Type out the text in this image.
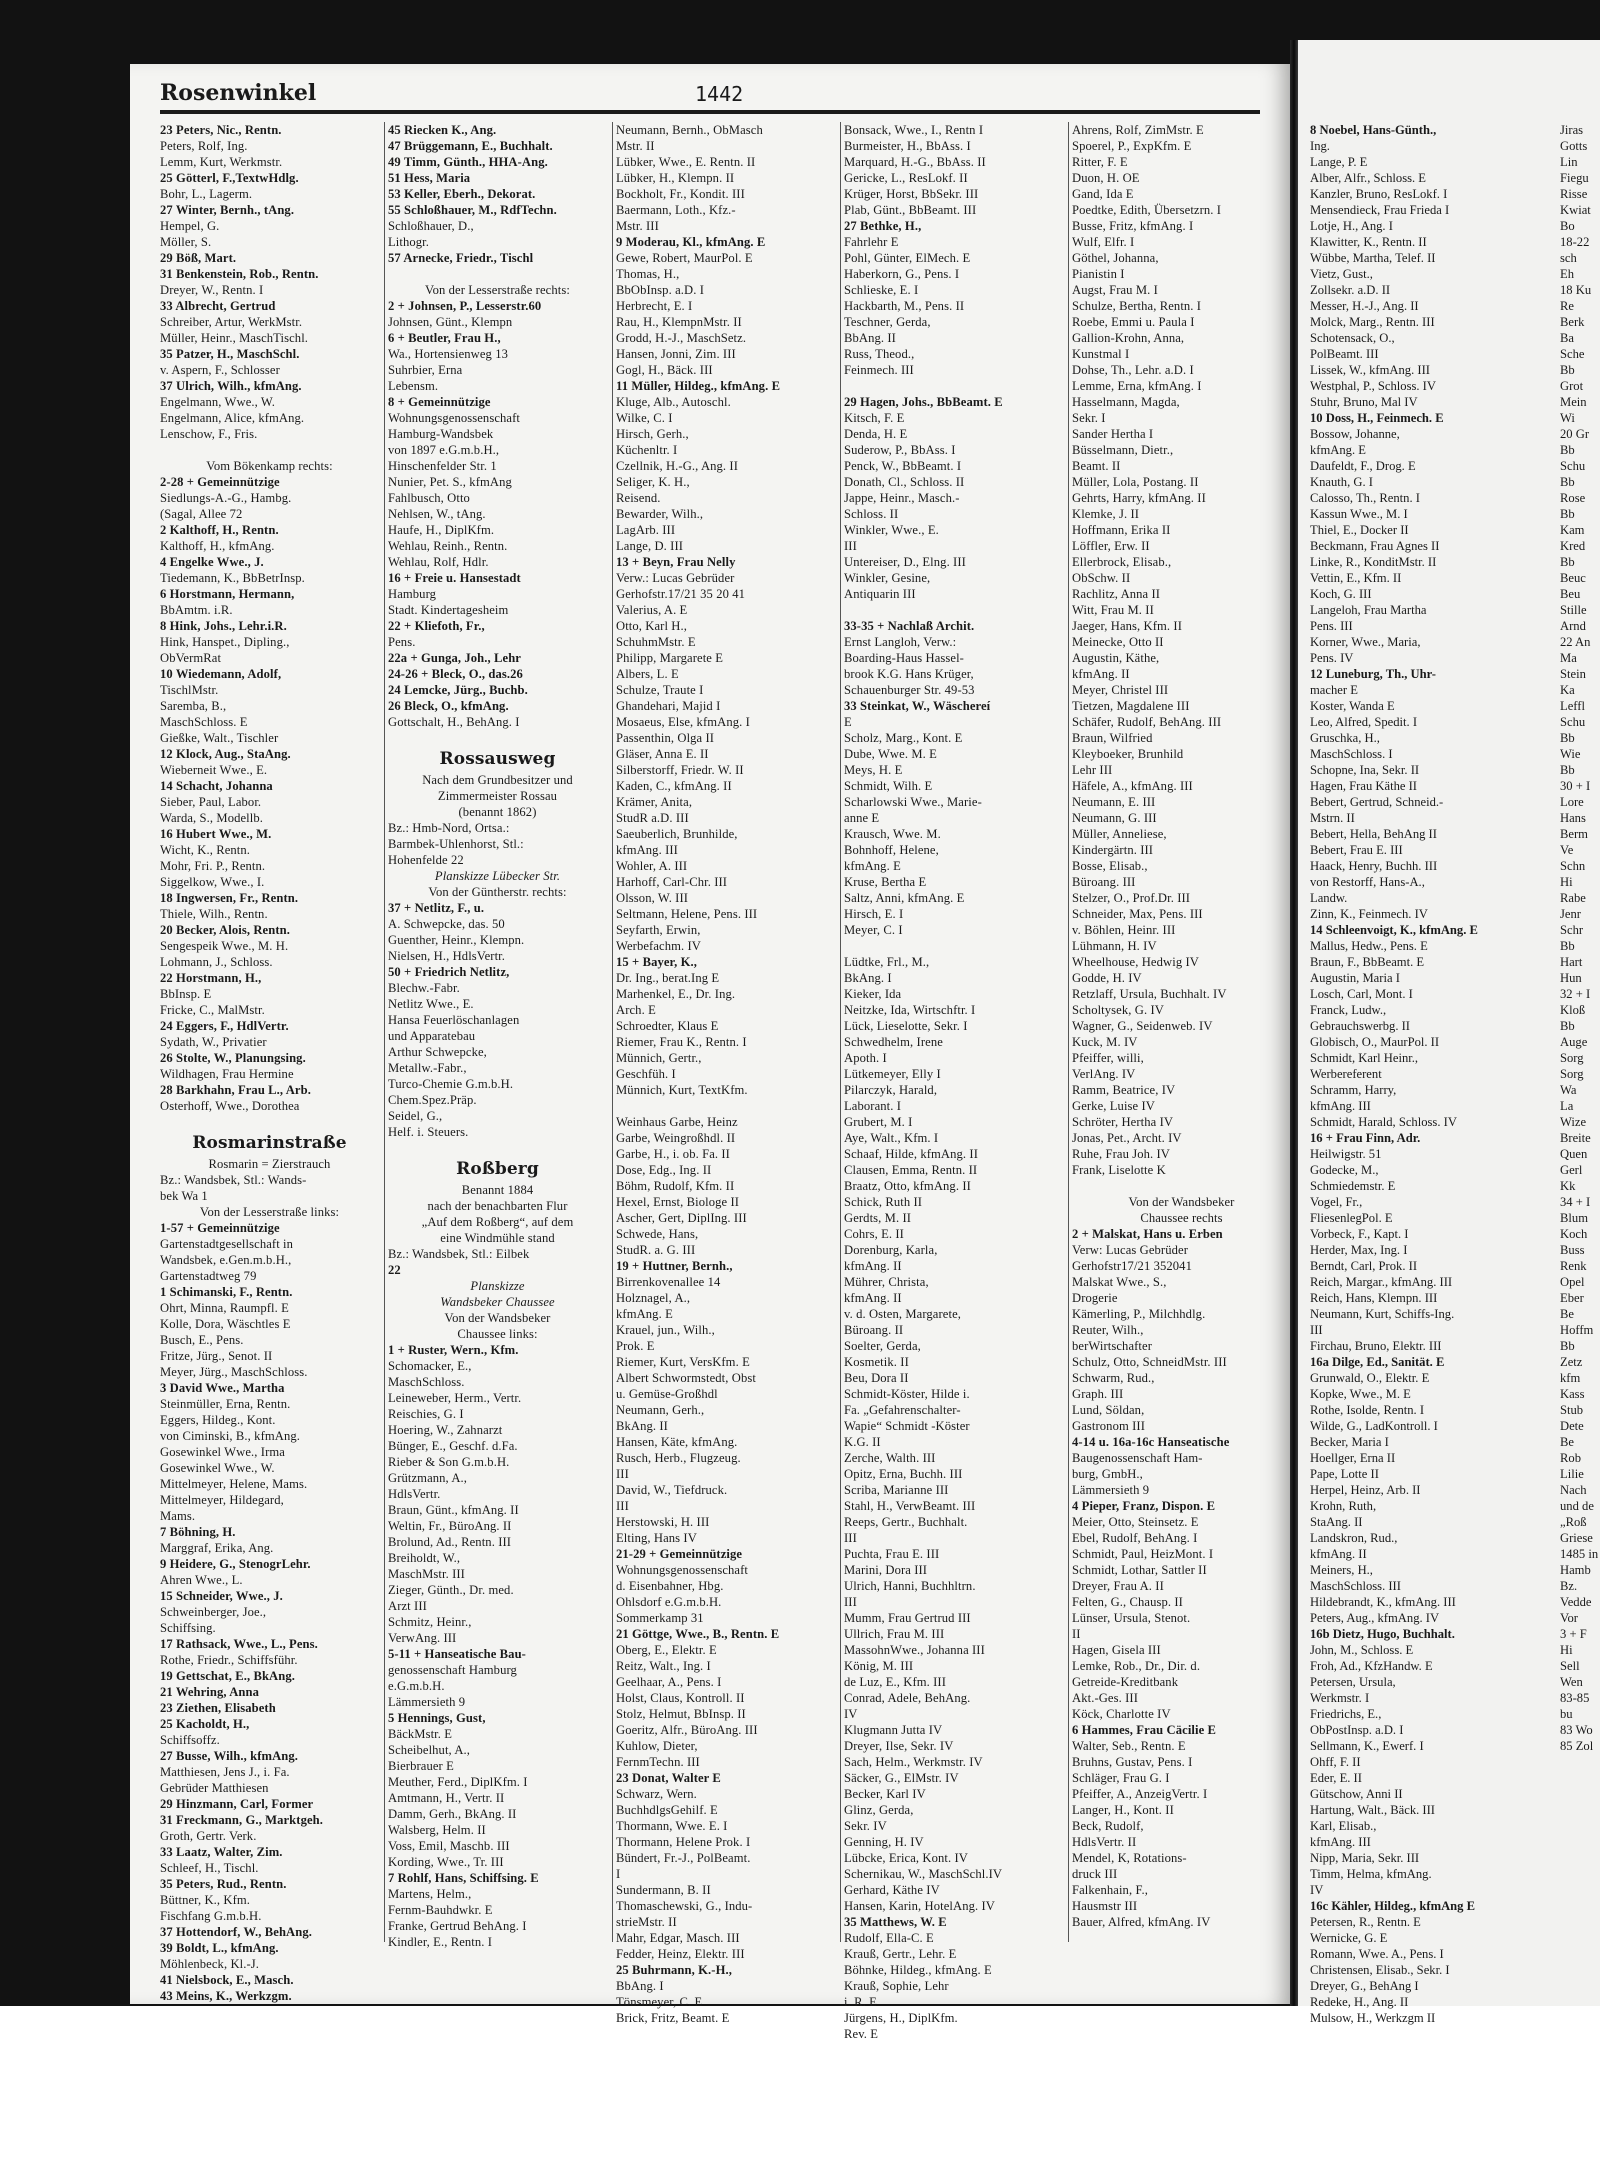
Rosenwinkel	1442
23 Peters, Nic., Rentn.
Peters, Rolf, Ing.
Lemm, Kurt, Werkmstr.
25 Götterl, F.,TextwHdlg.
Bohr, L., Lagerm.
27 Winter, Bernh., tAng.
Hempel, G.
Möller, S.
29 Böß, Mart.
31 Benkenstein, Rob., Rentn.
Dreyer, W., Rentn. I
33 Albrecht, Gertrud
Schreiber, Artur, WerkMstr.
Müller, Heinr., MaschTischl.
35 Patzer, H., MaschSchl.
v. Aspern, F., Schlosser
37 Ulrich, Wilh., kfmAng.
Engelmann, Wwe., W.
Engelmann, Alice, kfmAng.
Lenschow, F., Fris.

Vom Bökenkamp rechts:
2-28 + Gemeinnützige
Siedlungs-A.-G., Hambg.
(Sagal, Allee 72
2 Kalthoff, H., Rentn.
Kalthoff, H., kfmAng.
4 Engelke Wwe., J.
Tiedemann, K., BbBetrInsp.
6 Horstmann, Hermann,
BbAmtm. i.R.
8 Hink, Johs., Lehr.i.R.
Hink, Hanspet., Dipling.,
ObVermRat
10 Wiedemann, Adolf,
TischlMstr.
Saremba, B.,
MaschSchloss. E
Gießke, Walt., Tischler
12 Klock, Aug., StaAng.
Wieberneit Wwe., E.
14 Schacht, Johanna
Sieber, Paul, Labor.
Warda, S., Modellb.
16 Hubert Wwe., M.
Wicht, K., Rentn.
Mohr, Fri. P., Rentn.
Siggelkow, Wwe., I.
18 Ingwersen, Fr., Rentn.
Thiele, Wilh., Rentn.
20 Becker, Alois, Rentn.
Sengespeik Wwe., M. H.
Lohmann, J., Schloss.
22 Horstmann, H.,
BbInsp. E
Fricke, C., MalMstr.
24 Eggers, F., HdlVertr.
Sydath, W., Privatier
26 Stolte, W., Planungsing.
Wildhagen, Frau Hermine
28 Barkhahn, Frau L., Arb.
Osterhoff, Wwe., Dorothea

Rosmarinstraße
Rosmarin = Zierstrauch
Bz.: Wandsbek, Stl.: Wands-
bek Wa 1
Von der Lesserstraße links:
1-57 + Gemeinnützige
Gartenstadtgesellschaft in
Wandsbek, e.Gen.m.b.H.,
Gartenstadtweg 79
1 Schimanski, F., Rentn.
Ohrt, Minna, Raumpfl. E
Kolle, Dora, Wäschtles E
Busch, E., Pens.
Fritze, Jürg., Senot. II
Meyer, Jürg., MaschSchloss.
3 David Wwe., Martha
Steinmüller, Erna, Rentn.
Eggers, Hildeg., Kont.
von Ciminski, B., kfmAng.
Gosewinkel Wwe., Irma
Gosewinkel Wwe., W.
Mittelmeyer, Helene, Mams.
Mittelmeyer, Hildegard,
Mams.
7 Böhning, H.
Marggraf, Erika, Ang.
9 Heidere, G., StenogrLehr.
Ahren Wwe., L.
15 Schneider, Wwe., J.
Schweinberger, Joe.,
Schiffsing.
17 Rathsack, Wwe., L., Pens.
Rothe, Friedr., Schiffsführ.
19 Gettschat, E., BkAng.
21 Wehring, Anna
23 Ziethen, Elisabeth
25 Kacholdt, H.,
Schiffsoffz.
27 Busse, Wilh., kfmAng.
Matthiesen, Jens J., i. Fa.
Gebrüder Matthiesen
29 Hinzmann, Carl, Former
31 Freckmann, G., Marktgeh.
Groth, Gertr. Verk.
33 Laatz, Walter, Zim.
Schleef, H., Tischl.
35 Peters, Rud., Rentn.
Büttner, K., Kfm.
Fischfang G.m.b.H.
37 Hottendorf, W., BehAng.
39 Boldt, L., kfmAng.
Möhlenbeck, Kl.-J.
41 Nielsbock, E., Masch.
43 Meins, K., Werkzgm.
45 Riecken K., Ang.
47 Brüggemann, E., Buchhalt.
49 Timm, Günth., HHA-Ang.
51 Hess, Maria
53 Keller, Eberh., Dekorat.
55 Schloßhauer, M., RdfTechn.
Schloßhauer, D.,
Lithogr.
57 Arnecke, Friedr., Tischl

Von der Lesserstraße rechts:
2 + Johnsen, P., Lesserstr.60
Johnsen, Günt., Klempn
6 + Beutler, Frau H.,
Wa., Hortensienweg 13
Suhrbier, Erna
Lebensm.
8 + Gemeinnützige
Wohnungsgenossenschaft
Hamburg-Wandsbek
von 1897 e.G.m.b.H.,
Hinschenfelder Str. 1
Nunier, Pet. S., kfmAng
Fahlbusch, Otto
Nehlsen, W., tAng.
Haufe, H., DiplKfm.
Wehlau, Reinh., Rentn.
Wehlau, Rolf, Hdlr.
16 + Freie u. Hansestadt
Hamburg
Stadt. Kindertagesheim
22 + Kliefoth, Fr.,
Pens.
22a + Gunga, Joh., Lehr
24-26 + Bleck, O., das.26
24 Lemcke, Jürg., Buchb.
26 Bleck, O., kfmAng.
Gottschalt, H., BehAng. I

Rossausweg
Nach dem Grundbesitzer und
Zimmermeister Rossau
(benannt 1862)
Bz.: Hmb-Nord, Ortsa.:
Barmbek-Uhlenhorst, Stl.:
Hohenfelde 22
Planskizze Lübecker Str.
Von der Güntherstr. rechts:
37 + Netlitz, F., u.
A. Schwepcke, das. 50
Guenther, Heinr., Klempn.
Nielsen, H., HdlsVertr.
50 + Friedrich Netlitz,
Blechw.-Fabr.
Netlitz Wwe., E.
Hansa Feuerlöschanlagen
und Apparatebau
Arthur Schwepcke,
Metallw.-Fabr.,
Turco-Chemie G.m.b.H.
Chem.Spez.Präp.
Seidel, G.,
Helf. i. Steuers.

Roßberg
Benannt 1884
nach der benachbarten Flur
„Auf dem Roßberg“, auf dem
eine Windmühle stand
Bz.: Wandsbek, Stl.: Eilbek
22
Planskizze
Wandsbeker Chaussee
Von der Wandsbeker
Chaussee links:
1 + Ruster, Wern., Kfm.
Schomacker, E.,
MaschSchloss.
Leineweber, Herm., Vertr.
Reischies, G. I
Hoering, W., Zahnarzt
Bünger, E., Geschf. d.Fa.
Rieber & Son G.m.b.H.
Grützmann, A.,
HdlsVertr.
Braun, Günt., kfmAng. II
Weltin, Fr., BüroAng. II
Brolund, Ad., Rentn. III
Breiholdt, W.,
MaschMstr. III
Zieger, Günth., Dr. med.
Arzt III
Schmitz, Heinr.,
VerwAng. III
5-11 + Hanseatische Bau-
genossenschaft Hamburg
e.G.m.b.H.
Lämmersieth 9
5 Hennings, Gust,
BäckMstr. E
Scheibelhut, A.,
Bierbrauer E
Meuther, Ferd., DiplKfm. I
Amtmann, H., Vertr. II
Damm, Gerh., BkAng. II
Walsberg, Helm. II
Voss, Emil, Maschb. III
Kording, Wwe., Tr. III
7 Rohlf, Hans, Schiffsing. E
Martens, Helm.,
Fernm-Bauhdwkr. E
Franke, Gertrud BehAng. I
Kindler, E., Rentn. I
Neumann, Bernh., ObMasch
Mstr. II
Lübker, Wwe., E. Rentn. II
Lübker, H., Klempn. II
Bockholt, Fr., Kondit. III
Baermann, Loth., Kfz.-
Mstr. III
9 Moderau, Kl., kfmAng. E
Gewe, Robert, MaurPol. E
Thomas, H.,
BbObInsp. a.D. I
Herbrecht, E. I
Rau, H., KlempnMstr. II
Grodd, H.-J., MaschSetz.
Hansen, Jonni, Zim. III
Gogl, H., Bäck. III
11 Müller, Hildeg., kfmAng. E
Kluge, Alb., Autoschl.
Wilke, C. I
Hirsch, Gerh.,
Küchenltr. I
Czellnik, H.-G., Ang. II
Seliger, K. H.,
Reisend.
Bewarder, Wilh.,
LagArb. III
Lange, D. III
13 + Beyn, Frau Nelly
Verw.: Lucas Gebrüder
Gerhofstr.17/21 35 20 41
Valerius, A. E
Otto, Karl H.,
SchuhmMstr. E
Philipp, Margarete E
Albers, L. E
Schulze, Traute I
Ghandehari, Majid I
Mosaeus, Else, kfmAng. I
Passenthin, Olga II
Gläser, Anna E. II
Silberstorff, Friedr. W. II
Kaden, C., kfmAng. II
Krämer, Anita,
StudR a.D. III
Saeuberlich, Brunhilde,
kfmAng. III
Wohler, A. III
Harhoff, Carl-Chr. III
Olsson, W. III
Seltmann, Helene, Pens. III
Seyfarth, Erwin,
Werbefachm. IV
15 + Bayer, K.,
Dr. Ing., berat.Ing E
Marhenkel, E., Dr. Ing.
Arch. E
Schroedter, Klaus E
Riemer, Frau K., Rentn. I
Münnich, Gertr.,
Geschfüh. I
Münnich, Kurt, TextKfm.

Weinhaus Garbe, Heinz
Garbe, Weingroßhdl. II
Garbe, H., i. ob. Fa. II
Dose, Edg., Ing. II
Böhm, Rudolf, Kfm. II
Hexel, Ernst, Biologe II
Ascher, Gert, DiplIng. III
Schwede, Hans,
StudR. a. G. III
19 + Huttner, Bernh.,
Birrenkovenallee 14
Holznagel, A.,
kfmAng. E
Krauel, jun., Wilh.,
Prok. E
Riemer, Kurt, VersKfm. E
Albert Schwormstedt, Obst
u. Gemüse-Großhdl
Neumann, Gerh.,
BkAng. II
Hansen, Käte, kfmAng.
Rusch, Herb., Flugzeug.
III
David, W., Tiefdruck.
III
Herstowski, H. III
Elting, Hans IV
21-29 + Gemeinnützige
Wohnungsgenossenschaft
d. Eisenbahner, Hbg.
Ohlsdorf e.G.m.b.H.
Sommerkamp 31
21 Göttge, Wwe., B., Rentn. E
Oberg, E., Elektr. E
Reitz, Walt., Ing. I
Geelhaar, A., Pens. I
Holst, Claus, Kontroll. II
Stolz, Helmut, BbInsp. II
Goeritz, Alfr., BüroAng. III
Kuhlow, Dieter,
FernmTechn. III
23 Donat, Walter E
Schwarz, Wern.
BuchhdlgsGehilf. E
Thormann, Wwe. E. I
Thormann, Helene Prok. I
Bündert, Fr.-J., PolBeamt.
I
Sundermann, B. II
Thomaschewski, G., Indu-
strieMstr. II
Mahr, Edgar, Masch. III
Fedder, Heinz, Elektr. III
25 Buhrmann, K.-H.,
BbAng. I
Tönsmeyer, C. E
Brick, Fritz, Beamt. E
Bonsack, Wwe., I., Rentn I
Burmeister, H., BbAss. I
Marquard, H.-G., BbAss. II
Gericke, L., ResLokf. II
Krüger, Horst, BbSekr. III
Plab, Günt., BbBeamt. III
27 Bethke, H.,
Fahrlehr E
Pohl, Günter, ElMech. E
Haberkorn, G., Pens. I
Schlieske, E. I
Hackbarth, M., Pens. II
Teschner, Gerda,
BbAng. II
Russ, Theod.,
Feinmech. III

29 Hagen, Johs., BbBeamt. E
Kitsch, F. E
Denda, H. E
Suderow, P., BbAss. I
Penck, W., BbBeamt. I
Donath, Cl., Schloss. II
Jappe, Heinr., Masch.-
Schloss. II
Winkler, Wwe., E.
III
Untereiser, D., Elng. III
Winkler, Gesine,
Antiquarin III

33-35 + Nachlaß Archit.
Ernst Langloh, Verw.:
Boarding-Haus Hassel-
brook K.G. Hans Krüger,
Schauenburger Str. 49-53
33 Steinkat, W., Wäschereí
E
Scholz, Marg., Kont. E
Dube, Wwe. M. E
Meys, H. E
Schmidt, Wilh. E
Scharlowski Wwe., Marie-
anne E
Krausch, Wwe. M.
Bohnhoff, Helene,
kfmAng. E
Kruse, Bertha E
Saltz, Anni, kfmAng. E
Hirsch, E. I
Meyer, C. I

Lüdtke, Frl., M.,
BkAng. I
Kieker, Ida
Neitzke, Ida, Wirtschftr. I
Lück, Lieselotte, Sekr. I
Schwedhelm, Irene
Apoth. I
Lütkemeyer, Elly I
Pilarczyk, Harald,
Laborant. I
Grubert, M. I
Aye, Walt., Kfm. I
Schaaf, Hilde, kfmAng. II
Clausen, Emma, Rentn. II
Braatz, Otto, kfmAng. II
Schick, Ruth II
Gerdts, M. II
Cohrs, E. II
Dorenburg, Karla,
kfmAng. II
Mührer, Christa,
kfmAng. II
v. d. Osten, Margarete,
Büroang. II
Soelter, Gerda,
Kosmetik. II
Beu, Dora II
Schmidt-Köster, Hilde i.
Fa. „Gefahrenschalter-
Wapie“ Schmidt -Köster
K.G. II
Zerche, Walth. III
Opitz, Erna, Buchh. III
Scriba, Marianne III
Stahl, H., VerwBeamt. III
Reeps, Gertr., Buchhalt.
III
Puchta, Frau E. III
Marini, Dora III
Ulrich, Hanni, Buchhltrn.
III
Mumm, Frau Gertrud III
Ullrich, Frau M. III
MassohnWwe., Johanna III
König, M. III
de Luz, E., Kfm. III
Conrad, Adele, BehAng.
IV
Klugmann Jutta IV
Dreyer, Ilse, Sekr. IV
Sach, Helm., Werkmstr. IV
Säcker, G., ElMstr. IV
Becker, Karl IV
Glinz, Gerda,
Sekr. IV
Genning, H. IV
Lübcke, Erica, Kont. IV
Schernikau, W., MaschSchl.IV
Gerhard, Käthe IV
Hansen, Karin, HotelAng. IV
35 Matthews, W. E
Rudolf, Ella-C. E
Krauß, Gertr., Lehr. E
Böhnke, Hildeg., kfmAng. E
Krauß, Sophie, Lehr
i. R. E
Jürgens, H., DiplKfm.
Rev. E
Ahrens, Rolf, ZimMstr. E
Spoerel, P., ExpKfm. E
Ritter, F. E
Duon, H. OE
Gand, Ida E
Poedtke, Edith, Übersetzrn. I
Busse, Fritz, kfmAng. I
Wulf, Elfr. I
Göthel, Johanna,
Pianistin I
Augst, Frau M. I
Schulze, Bertha, Rentn. I
Roebe, Emmi u. Paula I
Gallion-Krohn, Anna,
Kunstmal I
Dohse, Th., Lehr. a.D. I
Lemme, Erna, kfmAng. I
Hasselmann, Magda,
Sekr. I
Sander Hertha I
Büsselmann, Dietr.,
Beamt. II
Müller, Lola, Postang. II
Gehrts, Harry, kfmAng. II
Klemke, J. II
Hoffmann, Erika II
Löffler, Erw. II
Ellerbrock, Elisab.,
ObSchw. II
Rachlitz, Anna II
Witt, Frau M. II
Jaeger, Hans, Kfm. II
Meinecke, Otto II
Augustin, Käthe,
kfmAng. II
Meyer, Christel III
Tietzen, Magdalene III
Schäfer, Rudolf, BehAng. III
Braun, Wilfried
Kleyboeker, Brunhild
Lehr III
Häfele, A., kfmAng. III
Neumann, E. III
Neumann, G. III
Müller, Anneliese,
Kindergärtn. III
Bosse, Elisab.,
Büroang. III
Stelzer, O., Prof.Dr. III
Schneider, Max, Pens. III
v. Böhlen, Heinr. III
Lühmann, H. IV
Wheelhouse, Hedwig IV
Godde, H. IV
Retzlaff, Ursula, Buchhalt. IV
Scholtysek, G. IV
Wagner, G., Seidenweb. IV
Kuck, M. IV
Pfeiffer, willi,
VerlAng. IV
Ramm, Beatrice, IV
Gerke, Luise IV
Schröter, Hertha IV
Jonas, Pet., Archt. IV
Ruhe, Frau Joh. IV
Frank, Liselotte K

Von der Wandsbeker
Chaussee rechts
2 + Malskat, Hans u. Erben
Verw: Lucas Gebrüder
Gerhofstr17/21 352041
Malskat Wwe., S.,
Drogerie
Kämerling, P., Milchhdlg.
Reuter, Wilh.,
berWirtschafter
Schulz, Otto, SchneidMstr. III
Schwarm, Rud.,
Graph. III
Lund, Söldan,
Gastronom III
4-14 u. 16a-16c Hanseatische
Baugenossenschaft Ham-
burg, GmbH.,
Lämmersieth 9
4 Pieper, Franz, Dispon. E
Meier, Otto, Steinsetz. E
Ebel, Rudolf, BehAng. I
Schmidt, Paul, HeizMont. I
Schmidt, Lothar, Sattler II
Dreyer, Frau A. II
Felten, G., Chausp. II
Lünser, Ursula, Stenot.
II
Hagen, Gisela III
Lemke, Rob., Dr., Dir. d.
Getreide-Kreditbank
Akt.-Ges. III
Köck, Charlotte IV
6 Hammes, Frau Cäcilie E
Walter, Seb., Rentn. E
Bruhns, Gustav, Pens. I
Schläger, Frau G. I
Pfeiffer, A., AnzeigVertr. I
Langer, H., Kont. II
Beck, Rudolf,
HdlsVertr. II
Mendel, K, Rotations-
druck III
Falkenhain, F.,
Hausmstr III
Bauer, Alfred, kfmAng. IV
8 Noebel, Hans-Günth.,
Ing.
Lange, P. E
Alber, Alfr., Schloss. E
Kanzler, Bruno, ResLokf. I
Mensendieck, Frau Frieda I
Lotje, H., Ang. I
Klawitter, K., Rentn. II
Wübbe, Martha, Telef. II
Vietz, Gust.,
Zollsekr. a.D. II
Messer, H.-J., Ang. II
Molck, Marg., Rentn. III
Schotensack, O.,
PolBeamt. III
Lissek, W., kfmAng. III
Westphal, P., Schloss. IV
Stuhr, Bruno, Mal IV
10 Doss, H., Feinmech. E
Bossow, Johanne,
kfmAng. E
Daufeldt, F., Drog. E
Knauth, G. I
Calosso, Th., Rentn. I
Kassun Wwe., M. I
Thiel, E., Docker II
Beckmann, Frau Agnes II
Linke, R., KonditMstr. II
Vettin, E., Kfm. II
Koch, G. III
Langeloh, Frau Martha
Pens. III
Korner, Wwe., Maria,
Pens. IV
12 Luneburg, Th., Uhr-
macher E
Koster, Wanda E
Leo, Alfred, Spedit. I
Gruschka, H.,
MaschSchloss. I
Schopne, Ina, Sekr. II
Hagen, Frau Käthe II
Bebert, Gertrud, Schneid.-
Mstrn. II
Bebert, Hella, BehAng II
Bebert, Frau E. III
Haack, Henry, Buchh. III
von Restorff, Hans-A.,
Landw.
Zinn, K., Feinmech. IV
14 Schleenvoigt, K., kfmAng. E
Mallus, Hedw., Pens. E
Braun, F., BbBeamt. E
Augustin, Maria I
Losch, Carl, Mont. I
Franck, Ludw.,
Gebrauchswerbg. II
Globisch, O., MaurPol. II
Schmidt, Karl Heinr.,
Werbereferent
Schramm, Harry,
kfmAng. III
Schmidt, Harald, Schloss. IV
16 + Frau Finn, Adr.
Heilwigstr. 51
Godecke, M.,
Schmiedemstr. E
Vogel, Fr.,
FliesenlegPol. E
Vorbeck, F., Kapt. I
Herder, Max, Ing. I
Berndt, Carl, Prok. II
Reich, Margar., kfmAng. III
Reich, Hans, Klempn. III
Neumann, Kurt, Schiffs-Ing.
III
Firchau, Bruno, Elektr. III
16a Dilge, Ed., Sanität. E
Grunwald, O., Elektr. E
Kopke, Wwe., M. E
Rothe, Isolde, Rentn. I
Wilde, G., LadKontroll. I
Becker, Maria I
Hoellger, Erna II
Pape, Lotte II
Herpel, Heinz, Arb. II
Krohn, Ruth,
StaAng. II
Landskron, Rud.,
kfmAng. II
Meiners, H.,
MaschSchloss. III
Hildebrandt, K., kfmAng. III
Peters, Aug., kfmAng. IV
16b Dietz, Hugo, Buchhalt.
John, M., Schloss. E
Froh, Ad., KfzHandw. E
Petersen, Ursula,
Werkmstr. I
Friedrichs, E.,
ObPostInsp. a.D. I
Sellmann, K., Ewerf. I
Ohff, F. II
Eder, E. II
Gütschow, Anni II
Hartung, Walt., Bäck. III
Karl, Elisab.,
kfmAng. III
Nipp, Maria, Sekr. III
Timm, Helma, kfmAng.
IV
16c Kähler, Hildeg., kfmAng E
Petersen, R., Rentn. E
Wernicke, G. E
Romann, Wwe. A., Pens. I
Christensen, Elisab., Sekr. I
Dreyer, G., BehAng I
Redeke, H., Ang. II
Mulsow, H., Werkzgm II
Jiras
Gotts
Lin
Fiegu
Risse
Kwiat
Bo
18-22
sch
Eh
18 Ku
Re
Berk
Ba
Sche
Bb
Grot
Mein
Wi
20 Gr
Bb
Schu
Bb
Rose
Bb
Kam
Kred
Bb
Beuc
Beu
Stille
Arnd
22 An
Ma
Stein
Ka
Leffl
Schu
Bb
Wie
Bb
30 + I
Lore
Hans
Berm
Ve
Schn
Hi
Rabe
Jenr
Schr
Bb
Hart
Hun
32 + I
Kloß
Bb
Auge
Sorg
Sorg
Wa
La
Wize
Breite
Quen
Gerl
Kk
34 + I
Blum
Koch
Buss
Renk
Opel
Eber
Be
Hoffm
Bb
Zetz
kfm
Kass
Stub
Dete
Be
Rob
Lilie
Nach
und de
„Roß
Griese
1485 in
Hamb
Bz.
Vedde
Vor
3 + F
Hi
Sell
Wen
83-85
bu
83 Wo
85 Zol
